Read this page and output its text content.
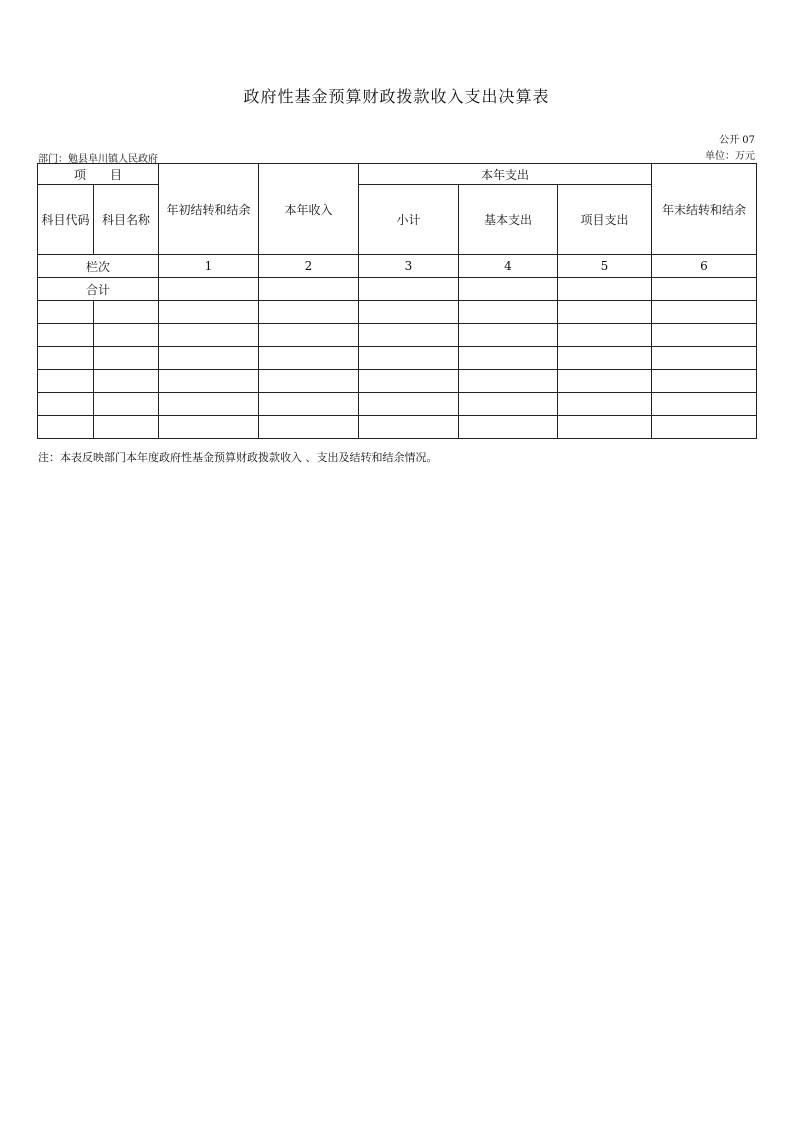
政府性基金预算财政拨款收入支出决算表
公开 07
部门：勉县阜川镇人民政府	单位：万元
项　　目		年初结转和结余	本年收入	本年支出			年末结转和结余
科目代码	科目名称			小计	基本支出	项目支出	
栏次		1	2	3	4	5	6
合计							

注：本表反映部门本年度政府性基金预算财政拨款收入 、支出及结转和结余情况。
